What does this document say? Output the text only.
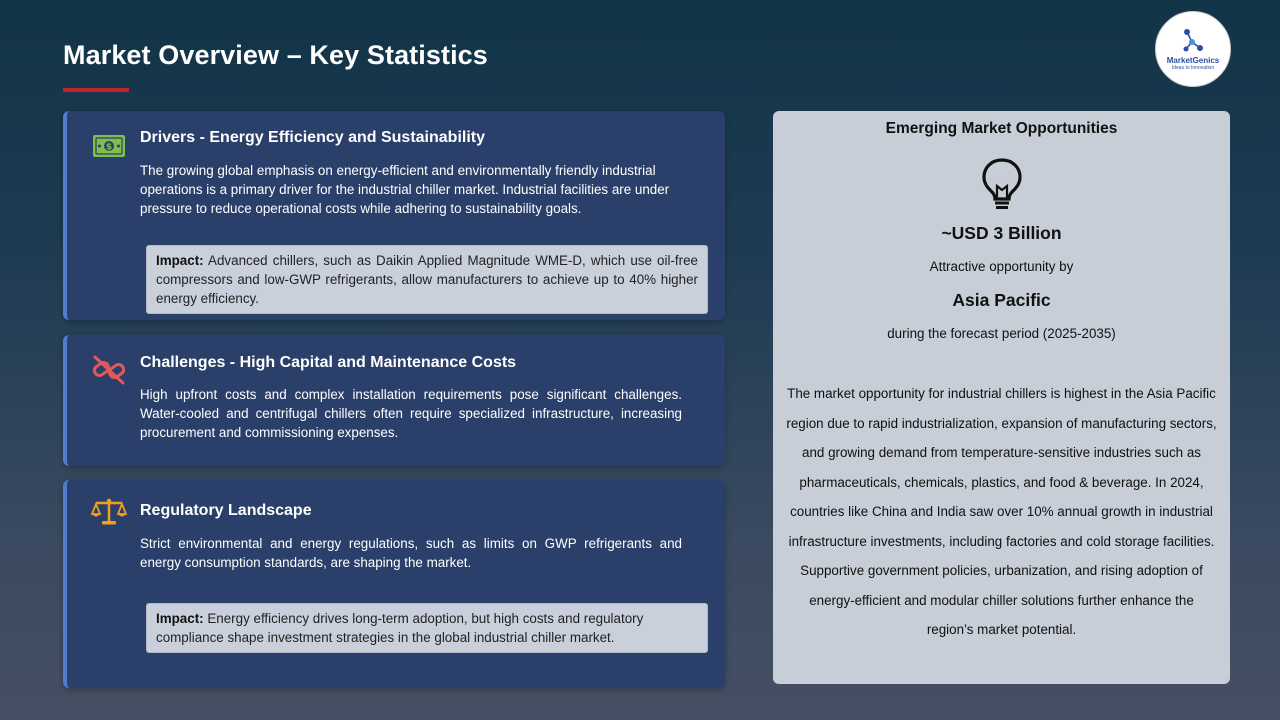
Market Overview – Key Statistics	MarketGenics
Ideas to Innovation
$
Drivers - Energy Efficiency and Sustainability

The growing global emphasis on energy-efficient and environmentally friendly industrial operations is a primary driver for the industrial chiller market. Industrial facilities are under pressure to reduce operational costs while adhering to sustainability goals.

Impact: Advanced chillers, such as Daikin Applied Magnitude WME-D, which use oil-free compressors and low-GWP refrigerants, allow manufacturers to achieve up to 40% higher energy efficiency.
Challenges - High Capital and Maintenance Costs

High upfront costs and complex installation requirements pose significant challenges. Water-cooled and centrifugal chillers often require specialized infrastructure, increasing procurement and commissioning expenses.

Regulatory Landscape

Strict environmental and energy regulations, such as limits on GWP refrigerants and energy consumption standards, are shaping the market.

Impact: Energy efficiency drives long-term adoption, but high costs and regulatory compliance shape investment strategies in the global industrial chiller market.
Emerging Market Opportunities
~USD 3 Billion
Attractive opportunity by
Asia Pacific
during the forecast period (2025-2035)

The market opportunity for industrial chillers is highest in the Asia Pacific region due to rapid industrialization, expansion of manufacturing sectors, and growing demand from temperature-sensitive industries such as pharmaceuticals, chemicals, plastics, and food & beverage. In 2024, countries like China and India saw over 10% annual growth in industrial infrastructure investments, including factories and cold storage facilities. Supportive government policies, urbanization, and rising adoption of energy-efficient and modular chiller solutions further enhance the region’s market potential.
